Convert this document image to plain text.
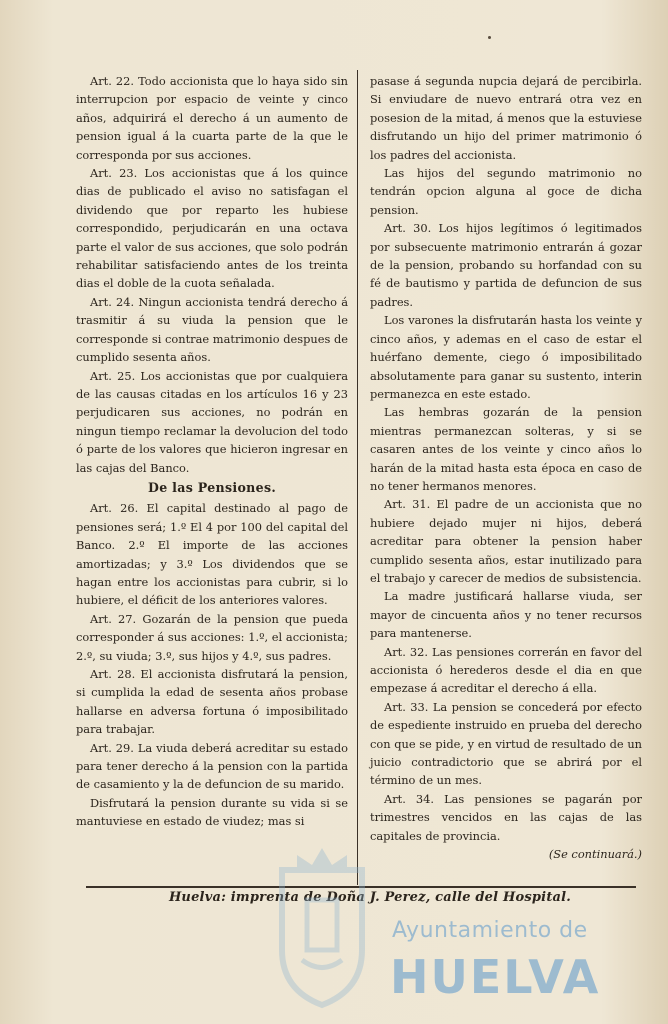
Art. 22. Todo accionista que lo haya sido sin interrupcion por espacio de veinte y cinco años, adquirirá el derecho á un aumento de pension igual á la cuarta parte de la que le corresponda por sus acciones.

Art. 23. Los accionistas que á los quince dias de publicado el aviso no satisfagan el dividendo que por reparto les hubiese correspondido, perjudicarán en una octava parte el valor de sus acciones, que solo podrán rehabilitar satisfaciendo antes de los treinta dias el doble de la cuota señalada.

Art. 24. Ningun accionista tendrá derecho á trasmitir á su viuda la pension que le corresponde si contrae matrimonio despues de cumplido sesenta años.

Art. 25. Los accionistas que por cualquiera de las causas citadas en los artículos 16 y 23 perjudicaren sus acciones, no podrán en ningun tiempo reclamar la devolucion del todo ó parte de los valores que hicieron ingresar en las cajas del Banco.

De las Pensiones.

Art. 26. El capital destinado al pago de pensiones será; 1.º El 4 por 100 del capital del Banco. 2.º El importe de las acciones amortizadas; y 3.º Los dividendos que se hagan entre los accionistas para cubrir, si lo hubiere, el déficit de los anteriores valores.

Art. 27. Gozarán de la pension que pueda corresponder á sus acciones: 1.º, el accionista; 2.º, su viuda; 3.º, sus hijos y 4.º, sus padres.

Art. 28. El accionista disfrutará la pension, si cumplida la edad de sesenta años probase hallarse en adversa fortuna ó imposibilitado para trabajar.

Art. 29. La viuda deberá acreditar su estado para tener derecho á la pension con la partida de casamiento y la de defuncion de su marido.

Disfrutará la pension durante su vida si se mantuviese en estado de viudez; mas si

pasase á segunda nupcia dejará de percibirla. Si enviudare de nuevo entrará otra vez en posesion de la mitad, á menos que la estuviese disfrutando un hijo del primer matrimonio ó los padres del accionista.

Las hijos del segundo matrimonio no tendrán opcion alguna al goce de dicha pension.

Art. 30. Los hijos legítimos ó legitimados por subsecuente matrimonio entrarán á gozar de la pension, probando su horfandad con su fé de bautismo y partida de defuncion de sus padres.

Los varones la disfrutarán hasta los veinte y cinco años, y ademas en el caso de estar el huérfano demente, ciego ó imposibilitado absolutamente para ganar su sustento, interin permanezca en este estado.

Las hembras gozarán de la pension mientras permanezcan solteras, y si se casaren antes de los veinte y cinco años lo harán de la mitad hasta esta época en caso de no tener hermanos menores.

Art. 31. El padre de un accionista que no hubiere dejado mujer ni hijos, deberá acreditar para obtener la pension haber cumplido sesenta años, estar inutilizado para el trabajo y carecer de medios de subsistencia.

La madre justificará hallarse viuda, ser mayor de cincuenta años y no tener recursos para mantenerse.

Art. 32. Las pensiones correrán en favor del accionista ó herederos desde el dia en que empezase á acreditar el derecho á ella.

Art. 33. La pension se concederá por efecto de espediente instruido en prueba del derecho con que se pide, y en virtud de resultado de un juicio contradictorio que se abrirá por el término de un mes.

Art. 34. Las pensiones se pagarán por trimestres vencidos en las cajas de las capitales de provincia.

(Se continuará.)

Huelva: imprenta de Doña J. Perez, calle del Hospital.
Ayuntamiento de
HUELVA
